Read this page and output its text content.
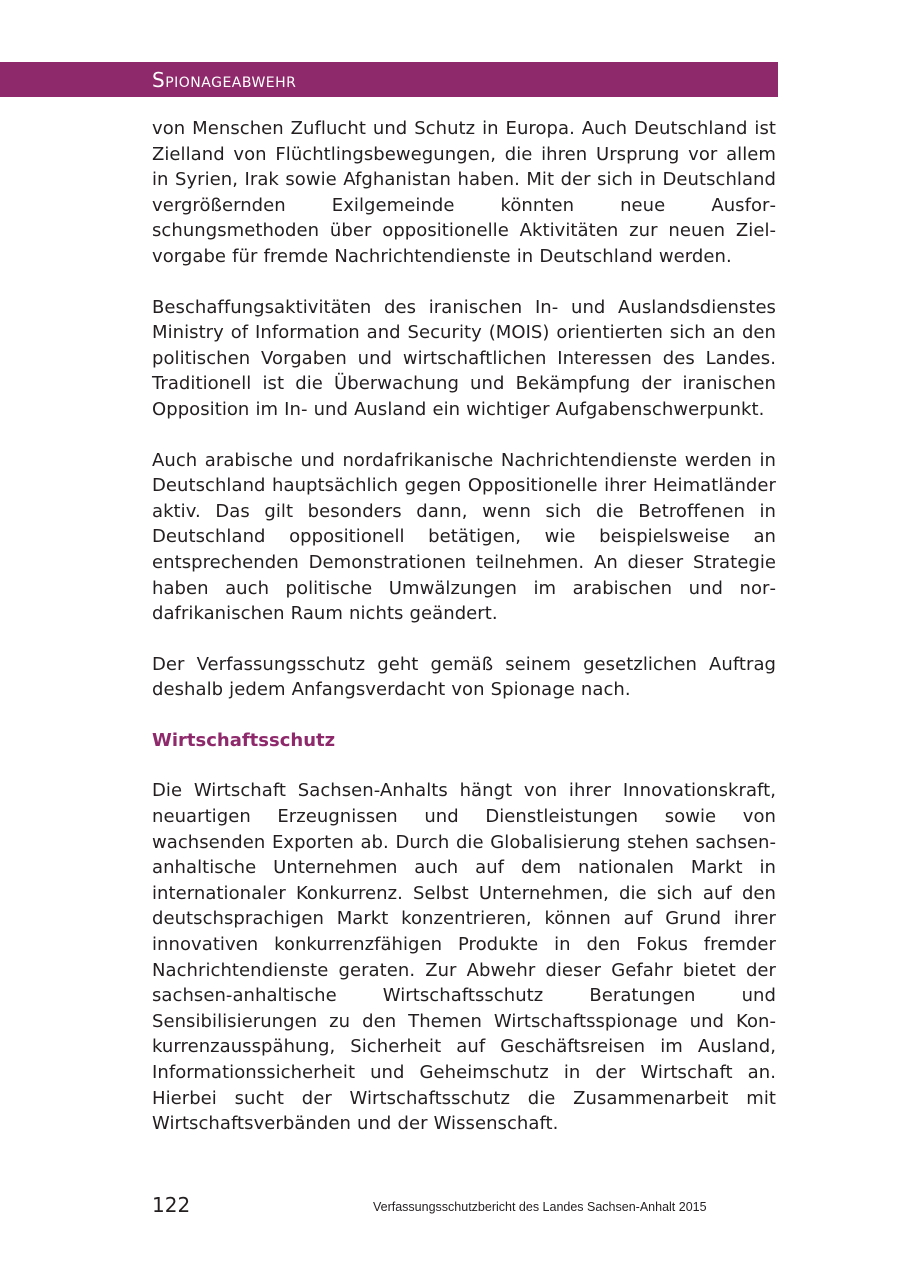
Spionageabwehr

von Menschen Zuflucht und Schutz in Europa. Auch Deutschland ist Zielland von Flüchtlingsbewegungen, die ihren Ursprung vor allem in Syrien, Irak sowie Afghanistan haben. Mit der sich in Deutschland vergrößernden Exilgemeinde könnten neue Ausforschungsmethoden über oppositionelle Aktivitäten zur neuen Zielvorgabe für fremde Nachrichtendienste in Deutschland werden.

Beschaffungsaktivitäten des iranischen In- und Auslandsdienstes Ministry of Information and Security (MOIS) orientierten sich an den politischen Vorgaben und wirtschaftlichen Interessen des Landes. Traditionell ist die Überwachung und Bekämpfung der iranischen Opposition im In- und Ausland ein wichtiger Aufgabenschwerpunkt.

Auch arabische und nordafrikanische Nachrichtendienste werden in Deutschland hauptsächlich gegen Oppositionelle ihrer Heimatländer aktiv. Das gilt besonders dann, wenn sich die Betroffenen in Deutschland oppositionell betätigen, wie beispielsweise an entsprechenden Demonstrationen teilnehmen. An dieser Strategie haben auch politische Umwälzungen im arabischen und nordafrikanischen Raum nichts geändert.

Der Verfassungsschutz geht gemäß seinem gesetzlichen Auftrag deshalb jedem Anfangsverdacht von Spionage nach.

Wirtschaftsschutz

Die Wirtschaft Sachsen-Anhalts hängt von ihrer Innovationskraft, neuartigen Erzeugnissen und Dienstleistungen sowie von wachsenden Exporten ab. Durch die Globalisierung stehen sachsen-anhaltische Unternehmen auch auf dem nationalen Markt in internationaler Konkurrenz. Selbst Unternehmen, die sich auf den deutschsprachigen Markt konzentrieren, können auf Grund ihrer innovativen konkurrenzfähigen Produkte in den Fokus fremder Nachrichtendienste geraten. Zur Abwehr dieser Gefahr bietet der sachsen-anhaltische Wirtschaftsschutz Beratungen und Sensibilisierungen zu den Themen Wirtschaftsspionage und Konkurrenzausspähung, Sicherheit auf Geschäftsreisen im Ausland, Informationssicherheit und Geheimschutz in der Wirtschaft an. Hierbei sucht der Wirtschaftsschutz die Zusammenarbeit mit Wirtschaftsverbänden und der Wissenschaft.

122	Verfassungsschutzbericht des Landes Sachsen-Anhalt 2015
